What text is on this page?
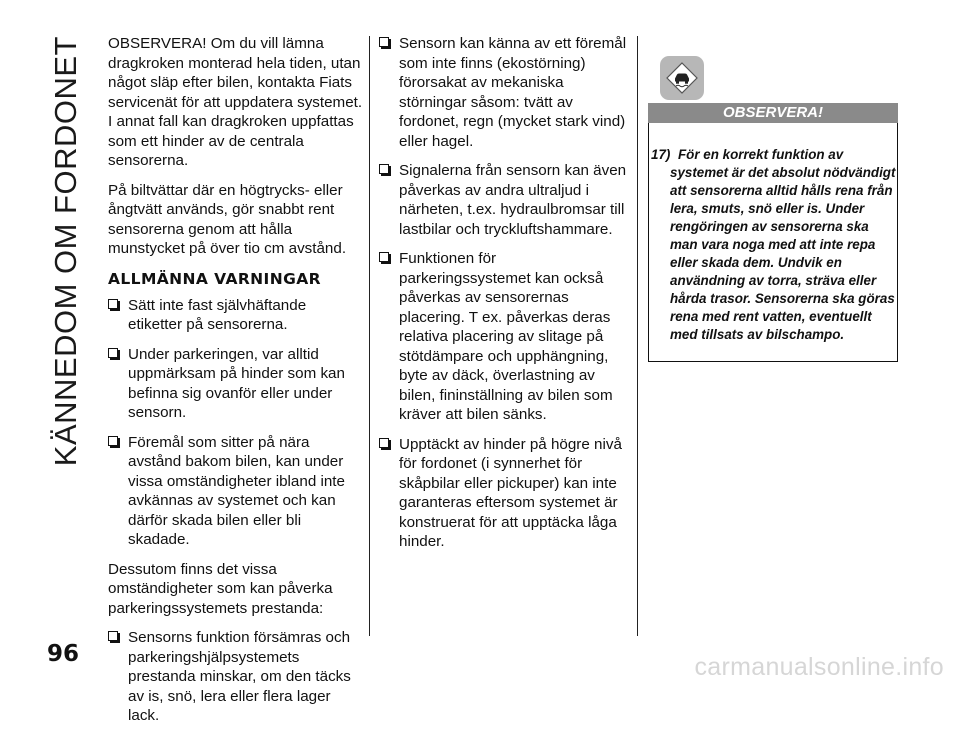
KÄNNEDOM OM FORDONET OBSERVERA! Om du vill lämna dragkroken monterad hela tiden, utan något släp efter bilen, kontakta Fiats servicenät för att uppdatera systemet. I annat fall kan dragkroken uppfattas som ett hinder av de centrala sensorerna.

På biltvättar där en högtrycks- eller ångtvätt används, gör snabbt rent sensorerna genom att hålla munstycket på över tio cm avstånd.

ALLMÄNNA VARNINGAR
Sätt inte fast självhäftande etiketter på sensorerna.
Under parkeringen, var alltid uppmärksam på hinder som kan befinna sig ovanför eller under sensorn.
Föremål som sitter på nära avstånd bakom bilen, kan under vissa omständigheter ibland inte avkännas av systemet och kan därför skada bilen eller bli skadade.

Dessutom finns det vissa omständigheter som kan påverka parkeringssystemets prestanda:

Sensorns funktion försämras och parkeringshjälpsystemets prestanda minskar, om den täcks av is, snö, lera eller flera lager lack.
Sensorn kan känna av ett föremål som inte finns (ekostörning) förorsakat av mekaniska störningar såsom: tvätt av fordonet, regn (mycket stark vind) eller hagel.
Signalerna från sensorn kan även påverkas av andra ultraljud i närheten, t.ex. hydraulbromsar till lastbilar och tryckluftshammare.
Funktionen för parkeringssystemet kan också påverkas av sensorernas placering. T ex. påverkas deras relativa placering av slitage på stötdämpare och upphängning, byte av däck, överlastning av bilen, fininställning av bilen som kräver att bilen sänks.
Upptäckt av hinder på högre nivå för fordonet (i synnerhet för skåpbilar eller pickuper) kan inte garanteras eftersom systemet är konstruerat för att upptäcka låga hinder.
OBSERVERA!
17) För en korrekt funktion av systemet är det absolut nödvändigt att sensorerna alltid hålls rena från lera, smuts, snö eller is. Under rengöringen av sensorerna ska man vara noga med att inte repa eller skada dem. Undvik en användning av torra, sträva eller hårda trasor. Sensorerna ska göras rena med rent vatten, eventuellt med tillsats av bilschampo.
96	carmanualsonline.info
